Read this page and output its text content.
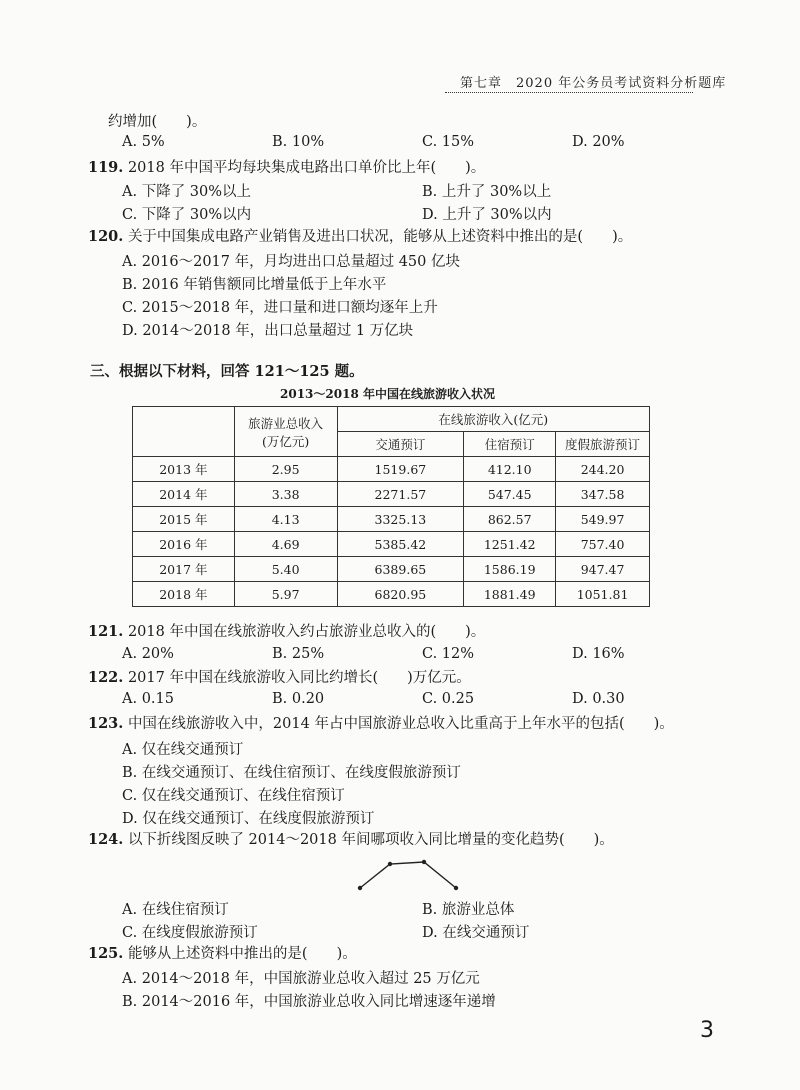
第七章　2020 年公务员考试资料分析题库
约增加(　　)。
A. 5%	B. 10%	C. 15%	D. 20%
119. 2018 年中国平均每块集成电路出口单价比上年(　　)。
A. 下降了 30%以上	B. 上升了 30%以上
C. 下降了 30%以内	D. 上升了 30%以内
120. 关于中国集成电路产业销售及进出口状况，能够从上述资料中推出的是(　　)。
A. 2016～2017 年，月均进出口总量超过 450 亿块
B. 2016 年销售额同比增量低于上年水平
C. 2015～2018 年，进口量和进口额均逐年上升
D. 2014～2018 年，出口总量超过 1 万亿块
三、根据以下材料，回答 121～125 题。
2013～2018 年中国在线旅游收入状况

	旅游业总收入
(万亿元)	在线旅游收入(亿元)		
		交通预订	住宿预订	度假旅游预订
2013 年	2.95	1519.67	412.10	244.20
2014 年	3.38	2271.57	547.45	347.58
2015 年	4.13	3325.13	862.57	549.97
2016 年	4.69	5385.42	1251.42	757.40
2017 年	5.40	6389.65	1586.19	947.47
2018 年	5.97	6820.95	1881.49	1051.81
121. 2018 年中国在线旅游收入约占旅游业总收入的(　　)。
A. 20%	B. 25%	C. 12%	D. 16%
122. 2017 年中国在线旅游收入同比约增长(　　)万亿元。
A. 0.15	B. 0.20	C. 0.25	D. 0.30
123. 中国在线旅游收入中，2014 年占中国旅游业总收入比重高于上年水平的包括(　　)。
A. 仅在线交通预订
B. 在线交通预订、在线住宿预订、在线度假旅游预订
C. 仅在线交通预订、在线住宿预订
D. 仅在线交通预订、在线度假旅游预订
124. 以下折线图反映了 2014～2018 年间哪项收入同比增量的变化趋势(　　)。
A. 在线住宿预订	B. 旅游业总体
C. 在线度假旅游预订	D. 在线交通预订
125. 能够从上述资料中推出的是(　　)。
A. 2014～2018 年，中国旅游业总收入超过 25 万亿元
B. 2014～2016 年，中国旅游业总收入同比增速逐年递增
3
